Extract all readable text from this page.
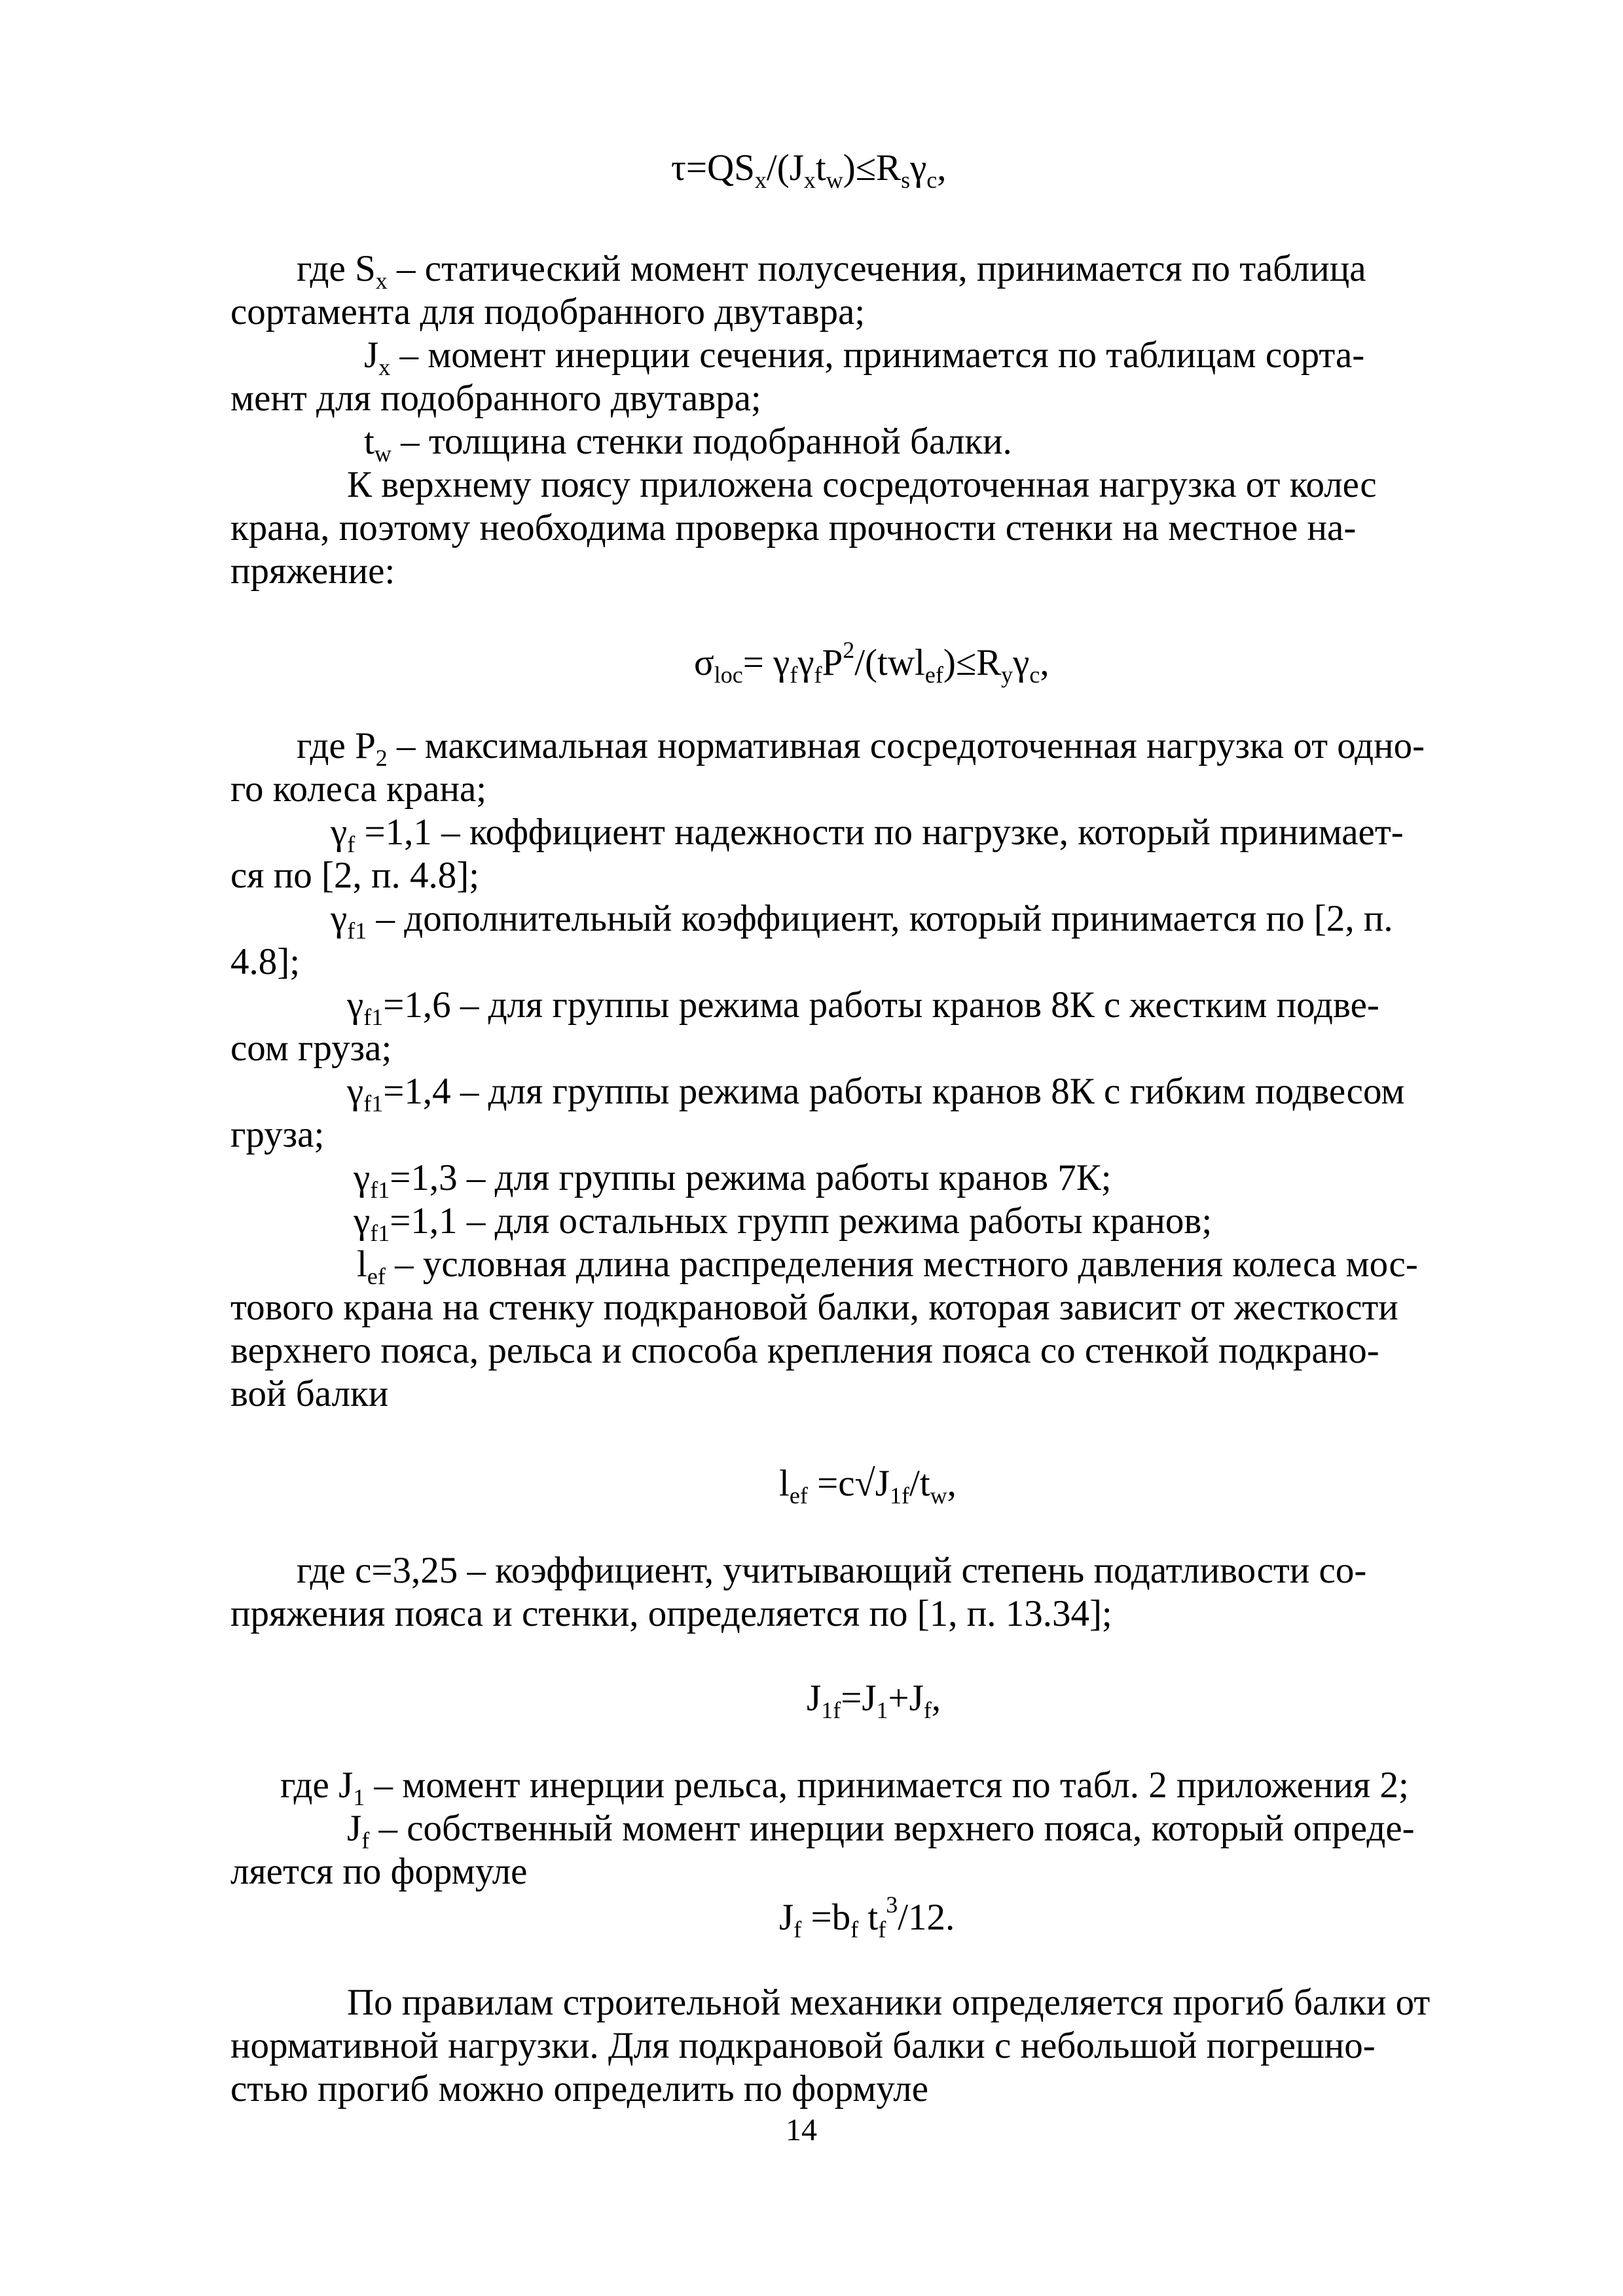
$\tau=QS_x/(J_xt_w)\le R_s\gamma_c$,
где $S_x$ – статический момент полусечения, принимается по таблица
сортамента для подобранного двутавра;
$J_x$ – момент инерции сечения, принимается по таблицам сорта-
мент для подобранного двутавра;
$t_w$ – толщина стенки подобранной балки.
К верхнему поясу приложена сосредоточенная нагрузка от колес
крана, поэтому необходима проверка прочности стенки на местное на-
пряжение:
$\sigma_{loc}= \gamma_f\gamma_fP^2/(twl_{ef})\le R_y\gamma_c$,
где $P_2$ – максимальная нормативная сосредоточенная нагрузка от одно-
го колеса крана;
$\gamma_f =1,1$ – коффициент надежности по нагрузке, который принимает-
ся по [2, п. 4.8];
$\gamma_{f1}$ – дополнительный коэффициент, который принимается по [2, п.
4.8];
$\gamma_{f1}=1,6$ – для группы режима работы кранов 8К с жестким подве-
сом груза;
$\gamma_{f1}=1,4$ – для группы режима работы кранов 8К с гибким подвесом
груза;
$\gamma_{f1}=1,3$ – для группы режима работы кранов 7К;
$\gamma_{f1}=1,1$ – для остальных групп режима работы кранов;
$l_{ef}$ – условная длина распределения местного давления колеса мос-
тового крана на стенку подкрановой балки, которая зависит от жесткости
верхнего пояса, рельса и способа крепления пояса со стенкой подкрано-
вой балки
$l_{ef} =c√J_{1f}/t_w$,
где с=3,25 – коэффициент, учитывающий степень податливости со-
пряжения пояса и стенки, определяется по [1, п. 13.34];
$J_{1f}=J_1+J_f$,
где $J_1$ – момент инерции рельса, принимается по табл. 2 приложения 2;
$J_f$ – собственный момент инерции верхнего пояса, который опреде-
ляется по формуле
$J_f =b_f$ $t_f^3/12$.
По правилам строительной механики определяется прогиб балки от
нормативной нагрузки. Для подкрановой балки с небольшой погрешно-
стью прогиб можно определить по формуле
14
